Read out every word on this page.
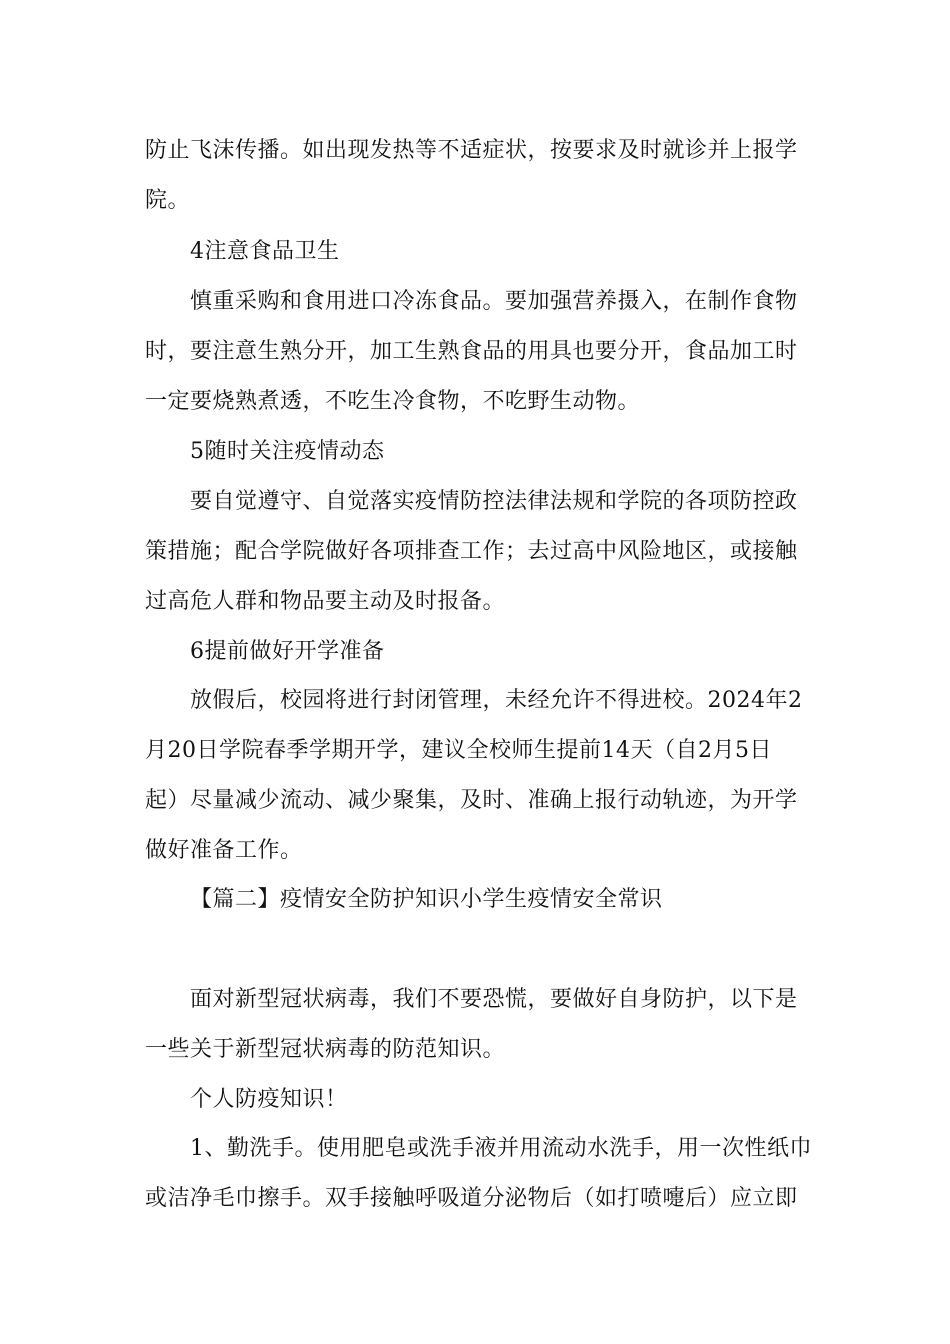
防止飞沫传播。如出现发热等不适症状，按要求及时就诊并上报学
院。
4注意食品卫生
慎重采购和食用进口冷冻食品。要加强营养摄入，在制作食物
时，要注意生熟分开，加工生熟食品的用具也要分开，食品加工时
一定要烧熟煮透，不吃生冷食物，不吃野生动物。
5随时关注疫情动态
要自觉遵守、自觉落实疫情防控法律法规和学院的各项防控政
策措施；配合学院做好各项排查工作；去过高中风险地区，或接触
过高危人群和物品要主动及时报备。
6提前做好开学准备
放假后，校园将进行封闭管理，未经允许不得进校。2024年2
月20日学院春季学期开学，建议全校师生提前14天（自2月5日
起）尽量减少流动、减少聚集，及时、准确上报行动轨迹，为开学
做好准备工作。
【篇二】疫情安全防护知识小学生疫情安全常识
面对新型冠状病毒，我们不要恐慌，要做好自身防护，以下是
一些关于新型冠状病毒的防范知识。
个人防疫知识！
1、勤洗手。使用肥皂或洗手液并用流动水洗手，用一次性纸巾
或洁净毛巾擦手。双手接触呼吸道分泌物后（如打喷嚏后）应立即
